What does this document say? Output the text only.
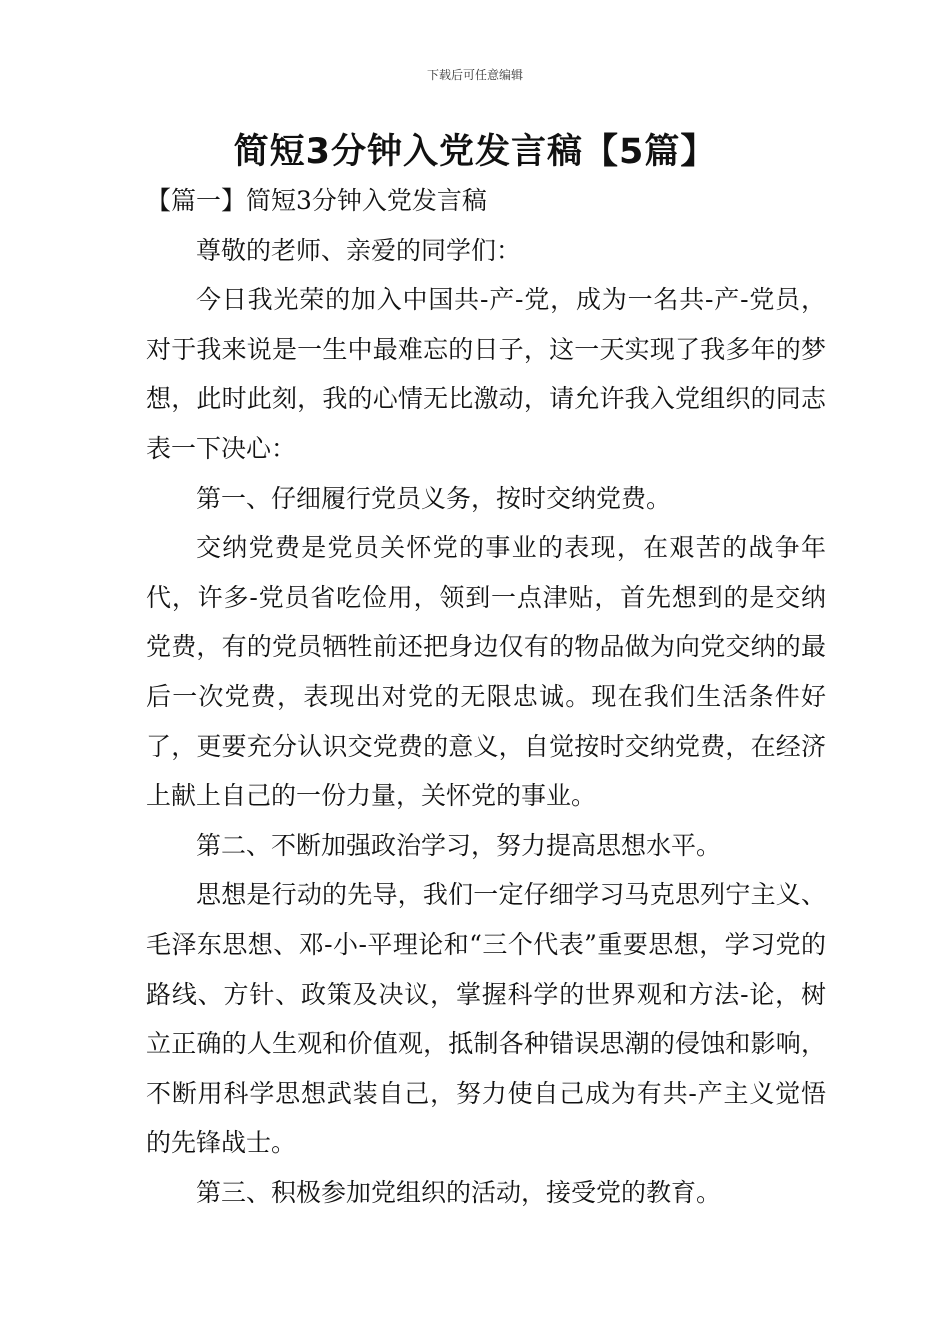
下载后可任意编辑
简短3分钟入党发言稿【5篇】

【篇一】简短3分钟入党发言稿

尊敬的老师、亲爱的同学们：

今日我光荣的加入中国共-产-党，成为一名共-产-党员，对于我来说是一生中最难忘的日子，这一天实现了我多年的梦想，此时此刻，我的心情无比激动，请允许我入党组织的同志表一下决心：

第一、仔细履行党员义务，按时交纳党费。

交纳党费是党员关怀党的事业的表现，在艰苦的战争年代，许多-党员省吃俭用，领到一点津贴，首先想到的是交纳党费，有的党员牺牲前还把身边仅有的物品做为向党交纳的最后一次党费，表现出对党的无限忠诚。现在我们生活条件好了，更要充分认识交党费的意义，自觉按时交纳党费，在经济上献上自己的一份力量，关怀党的事业。

第二、不断加强政治学习，努力提高思想水平。

思想是行动的先导，我们一定仔细学习马克思列宁主义、毛泽东思想、邓-小-平理论和“三个代表”重要思想，学习党的路线、方针、政策及决议，掌握科学的世界观和方法-论，树立正确的人生观和价值观，抵制各种错误思潮的侵蚀和影响，不断用科学思想武装自己，努力使自己成为有共-产主义觉悟的先锋战士。

第三、积极参加党组织的活动，接受党的教育。
